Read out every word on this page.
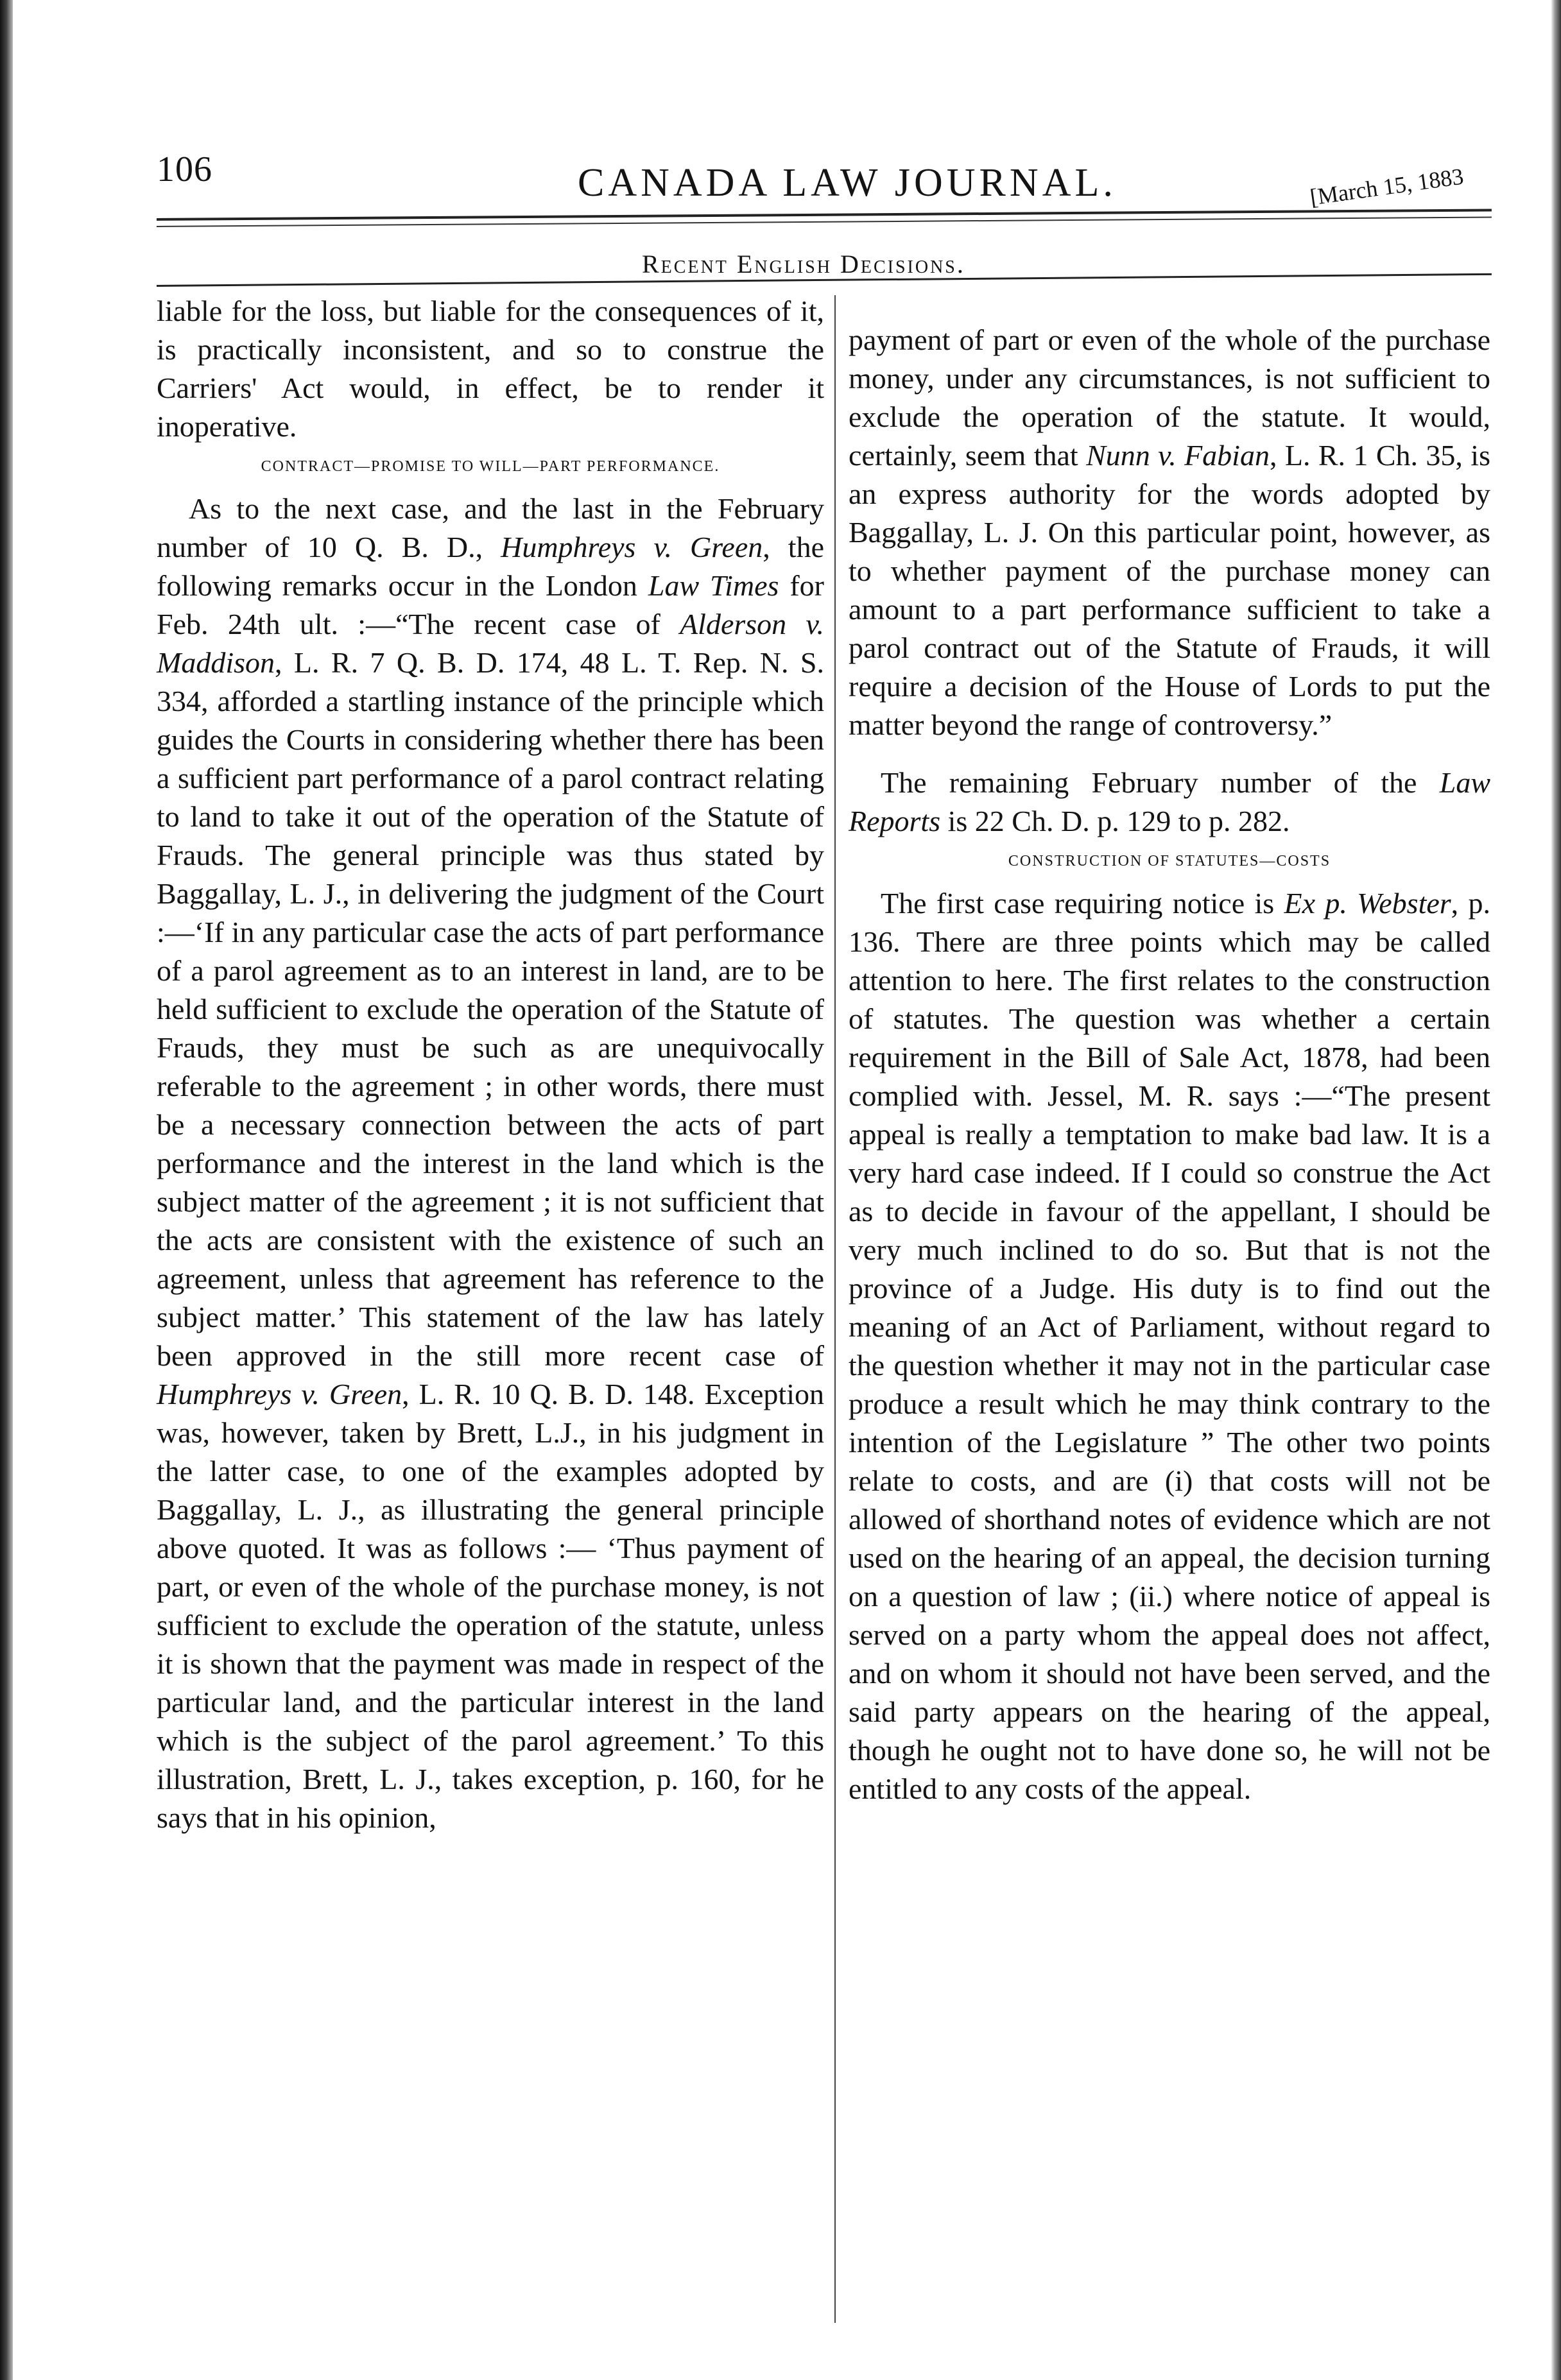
106	CANADA LAW JOURNAL.	[March 15, 1883
Recent English Decisions.

liable for the loss, but liable for the consequences of it, is practically inconsistent, and so to construe the Carriers' Act would, in effect, be to render it inoperative.

CONTRACT—PROMISE TO WILL—PART PERFORMANCE.

As to the next case, and the last in the February number of 10 Q. B. D., Humphreys v. Green, the following remarks occur in the London Law Times for Feb. 24th ult. :—“The recent case of Alderson v. Maddison, L. R. 7 Q. B. D. 174, 48 L. T. Rep. N. S. 334, afforded a startling instance of the principle which guides the Courts in considering whether there has been a sufficient part performance of a parol contract relating to land to take it out of the operation of the Statute of Frauds. The general principle was thus stated by Baggallay, L. J., in delivering the judgment of the Court :—‘If in any particular case the acts of part performance of a parol agreement as to an interest in land, are to be held sufficient to exclude the operation of the Statute of Frauds, they must be such as are unequivocally referable to the agreement ; in other words, there must be a necessary connection between the acts of part performance and the interest in the land which is the subject matter of the agreement ; it is not sufficient that the acts are consistent with the existence of such an agreement, unless that agreement has reference to the subject matter.’ This statement of the law has lately been approved in the still more recent case of Humphreys v. Green, L. R. 10 Q. B. D. 148. Exception was, however, taken by Brett, L.J., in his judgment in the latter case, to one of the examples adopted by Baggallay, L. J., as illustrating the general principle above quoted. It was as follows :— ‘Thus payment of part, or even of the whole of the purchase money, is not sufficient to exclude the operation of the statute, unless it is shown that the payment was made in respect of the particular land, and the particular interest in the land which is the subject of the parol agreement.’ To this illustration, Brett, L. J., takes exception, p. 160, for he says that in his opinion,

payment of part or even of the whole of the purchase money, under any circumstances, is not sufficient to exclude the operation of the statute. It would, certainly, seem that Nunn v. Fabian, L. R. 1 Ch. 35, is an express authority for the words adopted by Baggallay, L. J. On this particular point, however, as to whether payment of the purchase money can amount to a part performance sufficient to take a parol contract out of the Statute of Frauds, it will require a decision of the House of Lords to put the matter beyond the range of controversy.”

The remaining February number of the Law Reports is 22 Ch. D. p. 129 to p. 282.

CONSTRUCTION OF STATUTES—COSTS

The first case requiring notice is Ex p. Webster, p. 136. There are three points which may be called attention to here. The first relates to the construction of statutes. The question was whether a certain requirement in the Bill of Sale Act, 1878, had been complied with. Jessel, M. R. says :—“The present appeal is really a temptation to make bad law. It is a very hard case indeed. If I could so construe the Act as to decide in favour of the appellant, I should be very much inclined to do so. But that is not the province of a Judge. His duty is to find out the meaning of an Act of Parliament, without regard to the question whether it may not in the particular case produce a result which he may think contrary to the intention of the Legislature ” The other two points relate to costs, and are (i) that costs will not be allowed of shorthand notes of evidence which are not used on the hearing of an appeal, the decision turning on a question of law ; (ii.) where notice of appeal is served on a party whom the appeal does not affect, and on whom it should not have been served, and the said party appears on the hearing of the appeal, though he ought not to have done so, he will not be entitled to any costs of the appeal.
